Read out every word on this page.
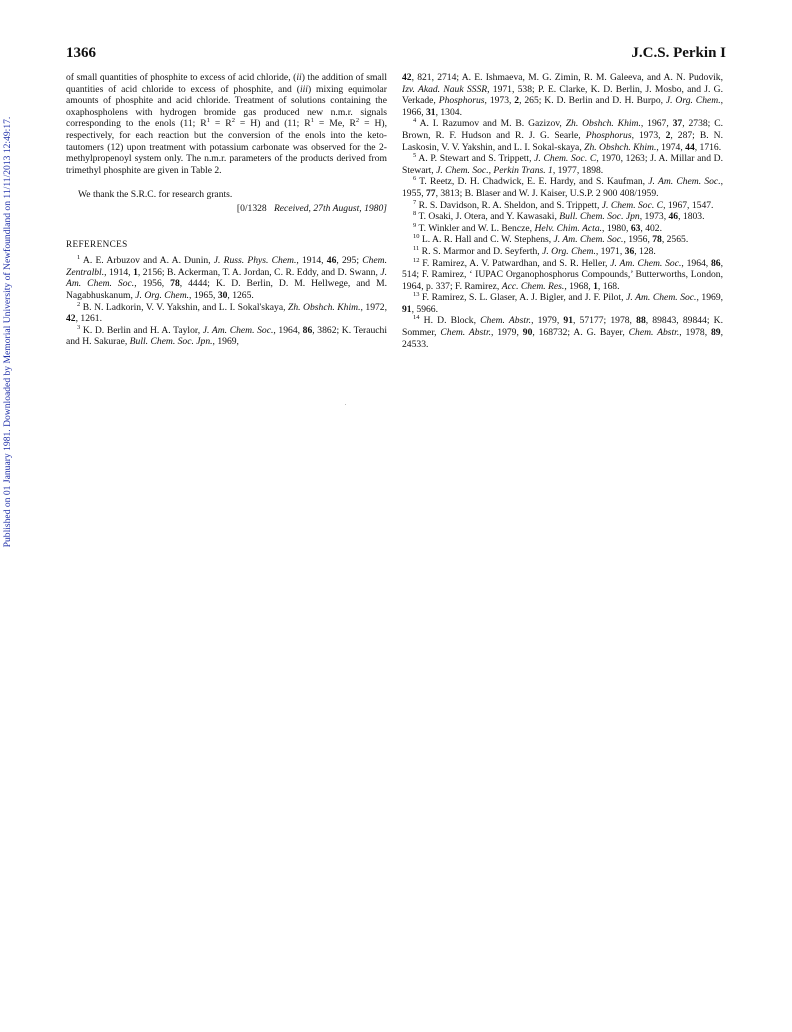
Published on 01 January 1981. Downloaded by Memorial University of Newfoundland on 11/11/2013 12:49:17.
1366	J.C.S. Perkin I

of small quantities of phosphite to excess of acid chloride, (ii) the addition of small quantities of acid chloride to excess of phosphite, and (iii) mixing equimolar amounts of phosphite and acid chloride. Treatment of solutions containing the oxaphospholens with hydrogen bromide gas produced new n.m.r. signals corresponding to the enols (11; $R^1 = R^2 = H$) and (11; $R^1 = Me$, $R^2 = H$), respectively, for each reaction but the conversion of the enols into the keto-tautomers (12) upon treatment with potassium carbonate was observed for the 2-methylpropenoyl system only. The n.m.r. parameters of the products derived from trimethyl phosphite are given in Table 2.

We thank the S.R.C. for research grants.

[0/1328 Received, 27th August, 1980]

REFERENCES

$^1$ A. E. Arbuzov and A. A. Dunin, J. Russ. Phys. Chem., 1914, 46, 295; Chem. Zentralbl., 1914, 1, 2156; B. Ackerman, T. A. Jordan, C. R. Eddy, and D. Swann, J. Am. Chem. Soc., 1956, 78, 4444; K. D. Berlin, D. M. Hellwege, and M. Nagabhuskanum, J. Org. Chem., 1965, 30, 1265.

$^2$ B. N. Ladkorin, V. V. Yakshin, and L. I. Sokal'skaya, Zh. Obshch. Khim., 1972, 42, 1261.

$^3$ K. D. Berlin and H. A. Taylor, J. Am. Chem. Soc., 1964, 86, 3862; K. Terauchi and H. Sakurae, Bull. Chem. Soc. Jpn., 1969,

42, 821, 2714; A. E. Ishmaeva, M. G. Zimin, R. M. Galeeva, and A. N. Pudovik, Izv. Akad. Nauk SSSR, 1971, 538; P. E. Clarke, K. D. Berlin, J. Mosbo, and J. G. Verkade, Phosphorus, 1973, 2, 265; K. D. Berlin and D. H. Burpo, J. Org. Chem., 1966, 31, 1304.

$^4$ A. I. Razumov and M. B. Gazizov, Zh. Obshch. Khim., 1967, 37, 2738; C. Brown, R. F. Hudson and R. J. G. Searle, Phosphorus, 1973, 2, 287; B. N. Laskosin, V. V. Yakshin, and L. I. Sokal-skaya, Zh. Obshch. Khim., 1974, 44, 1716.

$^5$ A. P. Stewart and S. Trippett, J. Chem. Soc. C, 1970, 1263; J. A. Millar and D. Stewart, J. Chem. Soc., Perkin Trans. 1, 1977, 1898.

$^6$ T. Reetz, D. H. Chadwick, E. E. Hardy, and S. Kaufman, J. Am. Chem. Soc., 1955, 77, 3813; B. Blaser and W. J. Kaiser, U.S.P. 2 900 408/1959.

$^7$ R. S. Davidson, R. A. Sheldon, and S. Trippett, J. Chem. Soc. C, 1967, 1547.

$^8$ T. Osaki, J. Otera, and Y. Kawasaki, Bull. Chem. Soc. Jpn, 1973, 46, 1803.

$^9$ T. Winkler and W. L. Bencze, Helv. Chim. Acta., 1980, 63, 402.

$^{10}$ L. A. R. Hall and C. W. Stephens, J. Am. Chem. Soc., 1956, 78, 2565.

$^{11}$ R. S. Marmor and D. Seyferth, J. Org. Chem., 1971, 36, 128.

$^{12}$ F. Ramirez, A. V. Patwardhan, and S. R. Heller, J. Am. Chem. Soc., 1964, 86, 514; F. Ramirez, ‘ IUPAC Organophosphorus Compounds,’ Butterworths, London, 1964, p. 337; F. Ramirez, Acc. Chem. Res., 1968, 1, 168.

$^{13}$ F. Ramirez, S. L. Glaser, A. J. Bigler, and J. F. Pilot, J. Am. Chem. Soc., 1969, 91, 5966.

$^{14}$ H. D. Block, Chem. Abstr., 1979, 91, 57177; 1978, 88, 89843, 89844; K. Sommer, Chem. Abstr., 1979, 90, 168732; A. G. Bayer, Chem. Abstr., 1978, 89, 24533.
